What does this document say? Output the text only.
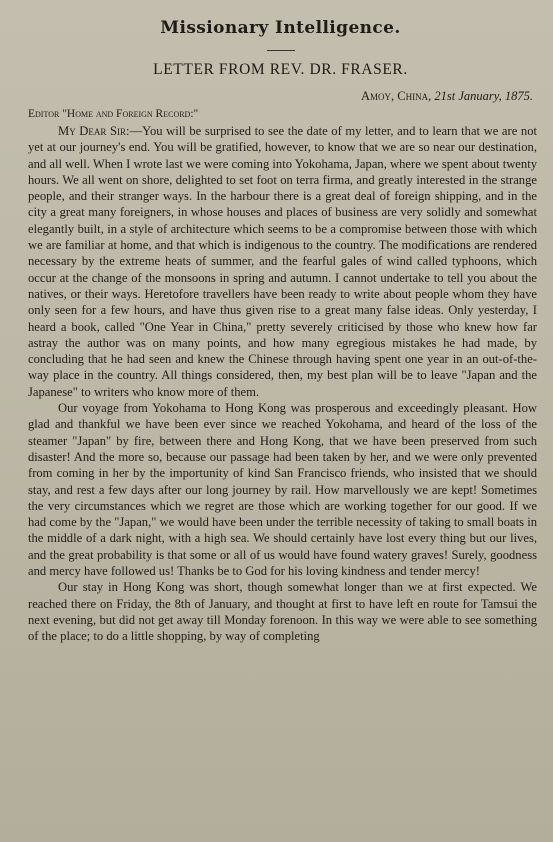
Missionary Intelligence.
LETTER FROM REV. DR. FRASER.
Amoy, China, 21st January, 1875.
Editor "Home and Foreign Record:"

My Dear Sir:—You will be surprised to see the date of my letter, and to learn that we are not yet at our journey's end. You will be gratified, however, to know that we are so near our destination, and all well. When I wrote last we were coming into Yokohama, Japan, where we spent about twenty hours. We all went on shore, delighted to set foot on terra firma, and greatly interested in the strange people, and their stranger ways. In the harbour there is a great deal of foreign shipping, and in the city a great many foreigners, in whose houses and places of business are very solidly and somewhat elegantly built, in a style of architecture which seems to be a compromise between those with which we are familiar at home, and that which is indigenous to the country. The modifications are rendered necessary by the extreme heats of summer, and the fearful gales of wind called typhoons, which occur at the change of the monsoons in spring and autumn. I cannot undertake to tell you about the natives, or their ways. Heretofore travellers have been ready to write about people whom they have only seen for a few hours, and have thus given rise to a great many false ideas. Only yesterday, I heard a book, called "One Year in China," pretty severely criticised by those who knew how far astray the author was on many points, and how many egregious mistakes he had made, by concluding that he had seen and knew the Chinese through having spent one year in an out-of-the-way place in the country. All things considered, then, my best plan will be to leave "Japan and the Japanese" to writers who know more of them.

Our voyage from Yokohama to Hong Kong was prosperous and exceedingly pleasant. How glad and thankful we have been ever since we reached Yokohama, and heard of the loss of the steamer "Japan" by fire, between there and Hong Kong, that we have been preserved from such disaster! And the more so, because our passage had been taken by her, and we were only prevented from coming in her by the importunity of kind San Francisco friends, who insisted that we should stay, and rest a few days after our long journey by rail. How marvellously we are kept! Sometimes the very circumstances which we regret are those which are working together for our good. If we had come by the "Japan," we would have been under the terrible necessity of taking to small boats in the middle of a dark night, with a high sea. We should certainly have lost every thing but our lives, and the great probability is that some or all of us would have found watery graves! Surely, goodness and mercy have followed us! Thanks be to God for his loving kindness and tender mercy!

Our stay in Hong Kong was short, though somewhat longer than we at first expected. We reached there on Friday, the 8th of January, and thought at first to have left en route for Tamsui the next evening, but did not get away till Monday forenoon. In this way we were able to see something of the place; to do a little shopping, by way of completing
